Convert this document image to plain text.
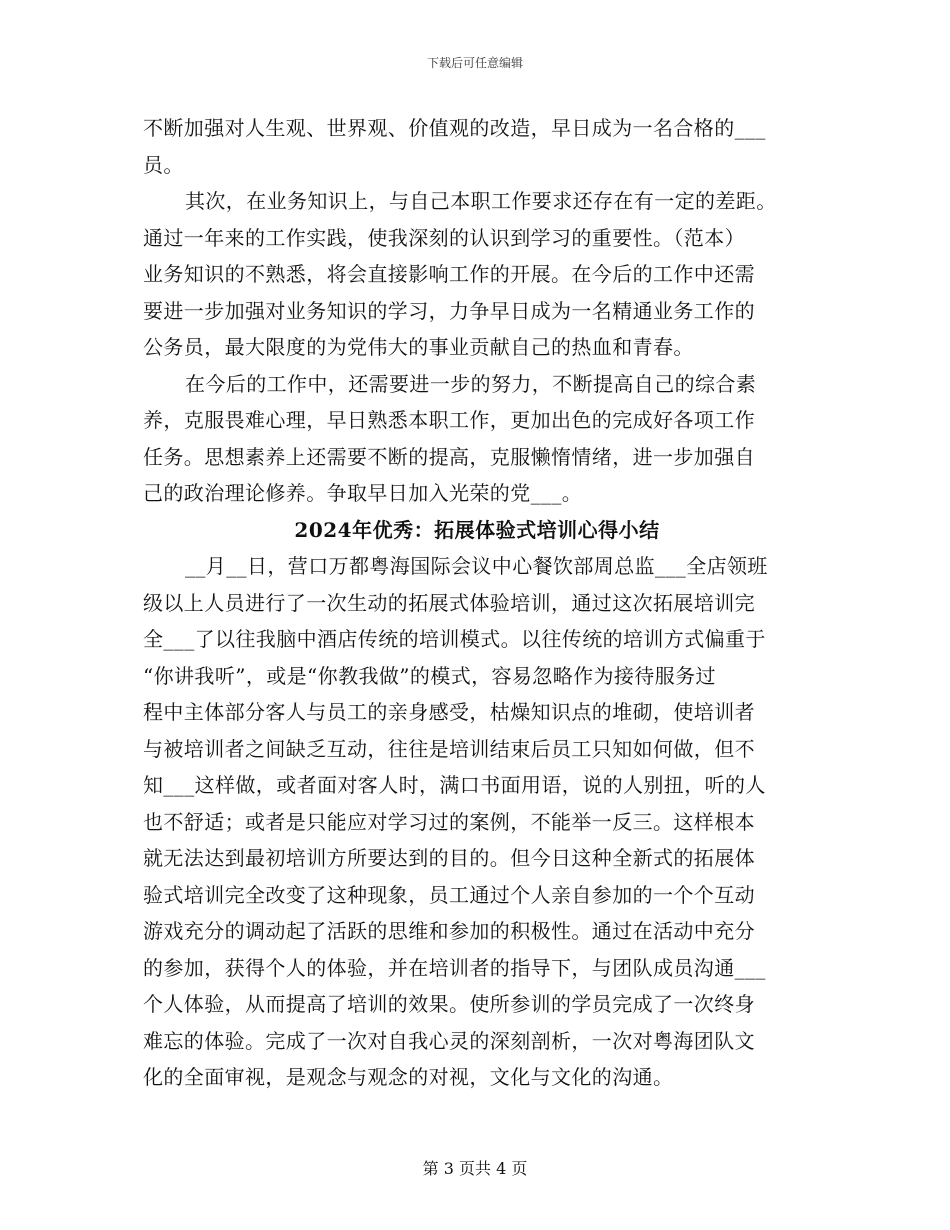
下载后可任意编辑
不断加强对人生观、世界观、价值观的改造，早日成为一名合格的___
员。
其次，在业务知识上，与自己本职工作要求还存在有一定的差距。
通过一年来的工作实践，使我深刻的认识到学习的重要性。（范本）
业务知识的不熟悉，将会直接影响工作的开展。在今后的工作中还需
要进一步加强对业务知识的学习，力争早日成为一名精通业务工作的
公务员，最大限度的为党伟大的事业贡献自己的热血和青春。
在今后的工作中，还需要进一步的努力，不断提高自己的综合素
养，克服畏难心理，早日熟悉本职工作，更加出色的完成好各项工作
任务。思想素养上还需要不断的提高，克服懒惰情绪，进一步加强自
己的政治理论修养。争取早日加入光荣的党___。
2024年优秀：拓展体验式培训心得小结
__月__日，营口万都粤海国际会议中心餐饮部周总监___全店领班
级以上人员进行了一次生动的拓展式体验培训，通过这次拓展培训完
全___了以往我脑中酒店传统的培训模式。以往传统的培训方式偏重于
“你讲我听”，或是“你教我做”的模式，容易忽略作为接待服务过
程中主体部分客人与员工的亲身感受，枯燥知识点的堆砌，使培训者
与被培训者之间缺乏互动，往往是培训结束后员工只知如何做，但不
知___这样做，或者面对客人时，满口书面用语，说的人别扭，听的人
也不舒适；或者是只能应对学习过的案例，不能举一反三。这样根本
就无法达到最初培训方所要达到的目的。但今日这种全新式的拓展体
验式培训完全改变了这种现象，员工通过个人亲自参加的一个个互动
游戏充分的调动起了活跃的思维和参加的积极性。通过在活动中充分
的参加，获得个人的体验，并在培训者的指导下，与团队成员沟通___
个人体验，从而提高了培训的效果。使所参训的学员完成了一次终身
难忘的体验。完成了一次对自我心灵的深刻剖析，一次对粤海团队文
化的全面审视，是观念与观念的对视，文化与文化的沟通。
第 3 页共 4 页
